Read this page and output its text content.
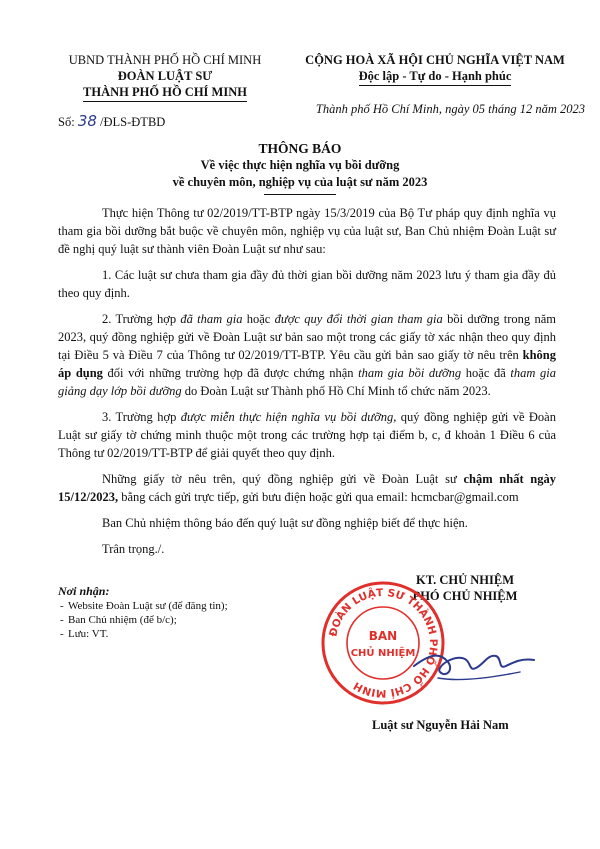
UBND THÀNH PHỐ HỒ CHÍ MINH
ĐOÀN LUẬT SƯ
THÀNH PHỐ HỒ CHÍ MINH
Số: 38 /ĐLS-ĐTBD
CỘNG HOÀ XÃ HỘI CHỦ NGHĨA VIỆT NAM
Độc lập - Tự do - Hạnh phúc
Thành phố Hồ Chí Minh, ngày 05 tháng 12 năm 2023
THÔNG BÁO
Về việc thực hiện nghĩa vụ bồi dưỡng
về chuyên môn, nghiệp vụ của luật sư năm 2023

Thực hiện Thông tư 02/2019/TT-BTP ngày 15/3/2019 của Bộ Tư pháp quy định nghĩa vụ tham gia bồi dưỡng bắt buộc về chuyên môn, nghiệp vụ của luật sư, Ban Chủ nhiệm Đoàn Luật sư đề nghị quý luật sư thành viên Đoàn Luật sư như sau:

1. Các luật sư chưa tham gia đầy đủ thời gian bồi dưỡng năm 2023 lưu ý tham gia đầy đủ theo quy định.

2. Trường hợp đã tham gia hoặc được quy đổi thời gian tham gia bồi dưỡng trong năm 2023, quý đồng nghiệp gửi về Đoàn Luật sư bản sao một trong các giấy tờ xác nhận theo quy định tại Điều 5 và Điều 7 của Thông tư 02/2019/TT-BTP. Yêu cầu gửi bản sao giấy tờ nêu trên không áp dụng đối với những trường hợp đã được chứng nhận tham gia bồi dưỡng hoặc đã tham gia giảng dạy lớp bồi dưỡng do Đoàn Luật sư Thành phố Hồ Chí Minh tổ chức năm 2023.

3. Trường hợp được miễn thực hiện nghĩa vụ bồi dưỡng, quý đồng nghiệp gửi về Đoàn Luật sư giấy tờ chứng minh thuộc một trong các trường hợp tại điểm b, c, đ khoản 1 Điều 6 của Thông tư 02/2019/TT-BTP để giải quyết theo quy định.

Những giấy tờ nêu trên, quý đồng nghiệp gửi về Đoàn Luật sư chậm nhất ngày 15/12/2023, bằng cách gửi trực tiếp, gửi bưu điện hoặc gửi qua email: hcmcbar@gmail.com

Ban Chủ nhiệm thông báo đến quý luật sư đồng nghiệp biết để thực hiện.

Trân trọng./.

Nơi nhận:
- Website Đoàn Luật sư (để đăng tin);
- Ban Chủ nhiệm (để b/c);
- Lưu: VT.
KT. CHỦ NHIỆM
PHÓ CHỦ NHIỆM
ĐOÀN LUẬT SƯ THÀNH PHỐ HỒ CHÍ MINH
BAN
CHỦ NHIỆM
Luật sư Nguyễn Hải Nam
